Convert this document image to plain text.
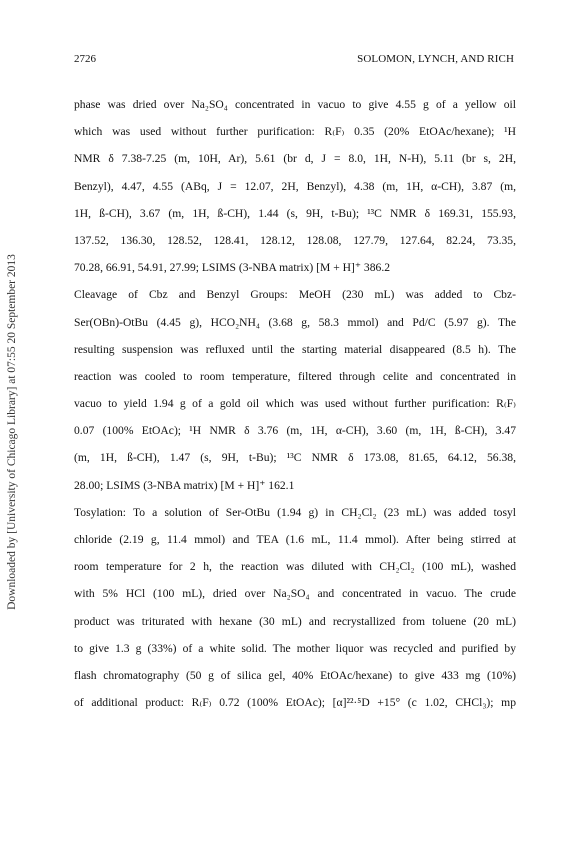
Downloaded by [University of Chicago Library] at 07:55 20 September 2013
2726	SOLOMON, LYNCH, AND RICH
phase was dried over Na₂SO₄ concentrated in vacuo to give 4.55 g of a yellow oil
which was used without further purification: R₍F₎ 0.35 (20% EtOAc/hexane); ¹H
NMR δ 7.38-7.25 (m, 10H, Ar), 5.61 (br d, J = 8.0, 1H, N-H), 5.11 (br s, 2H,
Benzyl), 4.47, 4.55 (ABq, J = 12.07, 2H, Benzyl), 4.38 (m, 1H, α-CH), 3.87 (m,
1H, ß-CH), 3.67 (m, 1H, ß-CH), 1.44 (s, 9H, t-Bu); ¹³C NMR δ 169.31, 155.93,
137.52, 136.30, 128.52, 128.41, 128.12, 128.08, 127.79, 127.64, 82.24, 73.35,
70.28, 66.91, 54.91, 27.99; LSIMS (3-NBA matrix) [M + H]⁺ 386.2
Cleavage of Cbz and Benzyl Groups: MeOH (230 mL) was added to Cbz-
Ser(OBn)-OtBu (4.45 g), HCO₂NH₄ (3.68 g, 58.3 mmol) and Pd/C (5.97 g). The
resulting suspension was refluxed until the starting material disappeared (8.5 h). The
reaction was cooled to room temperature, filtered through celite and concentrated in
vacuo to yield 1.94 g of a gold oil which was used without further purification: R₍F₎
0.07 (100% EtOAc); ¹H NMR δ 3.76 (m, 1H, α-CH), 3.60 (m, 1H, ß-CH), 3.47
(m, 1H, ß-CH), 1.47 (s, 9H, t-Bu); ¹³C NMR δ 173.08, 81.65, 64.12, 56.38,
28.00; LSIMS (3-NBA matrix) [M + H]⁺ 162.1
Tosylation: To a solution of Ser-OtBu (1.94 g) in CH₂Cl₂ (23 mL) was added tosyl
chloride (2.19 g, 11.4 mmol) and TEA (1.6 mL, 11.4 mmol). After being stirred at
room temperature for 2 h, the reaction was diluted with CH₂Cl₂ (100 mL), washed
with 5% HCl (100 mL), dried over Na₂SO₄ and concentrated in vacuo. The crude
product was triturated with hexane (30 mL) and recrystallized from toluene (20 mL)
to give 1.3 g (33%) of a white solid. The mother liquor was recycled and purified by
flash chromatography (50 g of silica gel, 40% EtOAc/hexane) to give 433 mg (10%)
of additional product: R₍F₎ 0.72 (100% EtOAc); [α]²²·⁵D +15° (c 1.02, CHCl₃); mp
